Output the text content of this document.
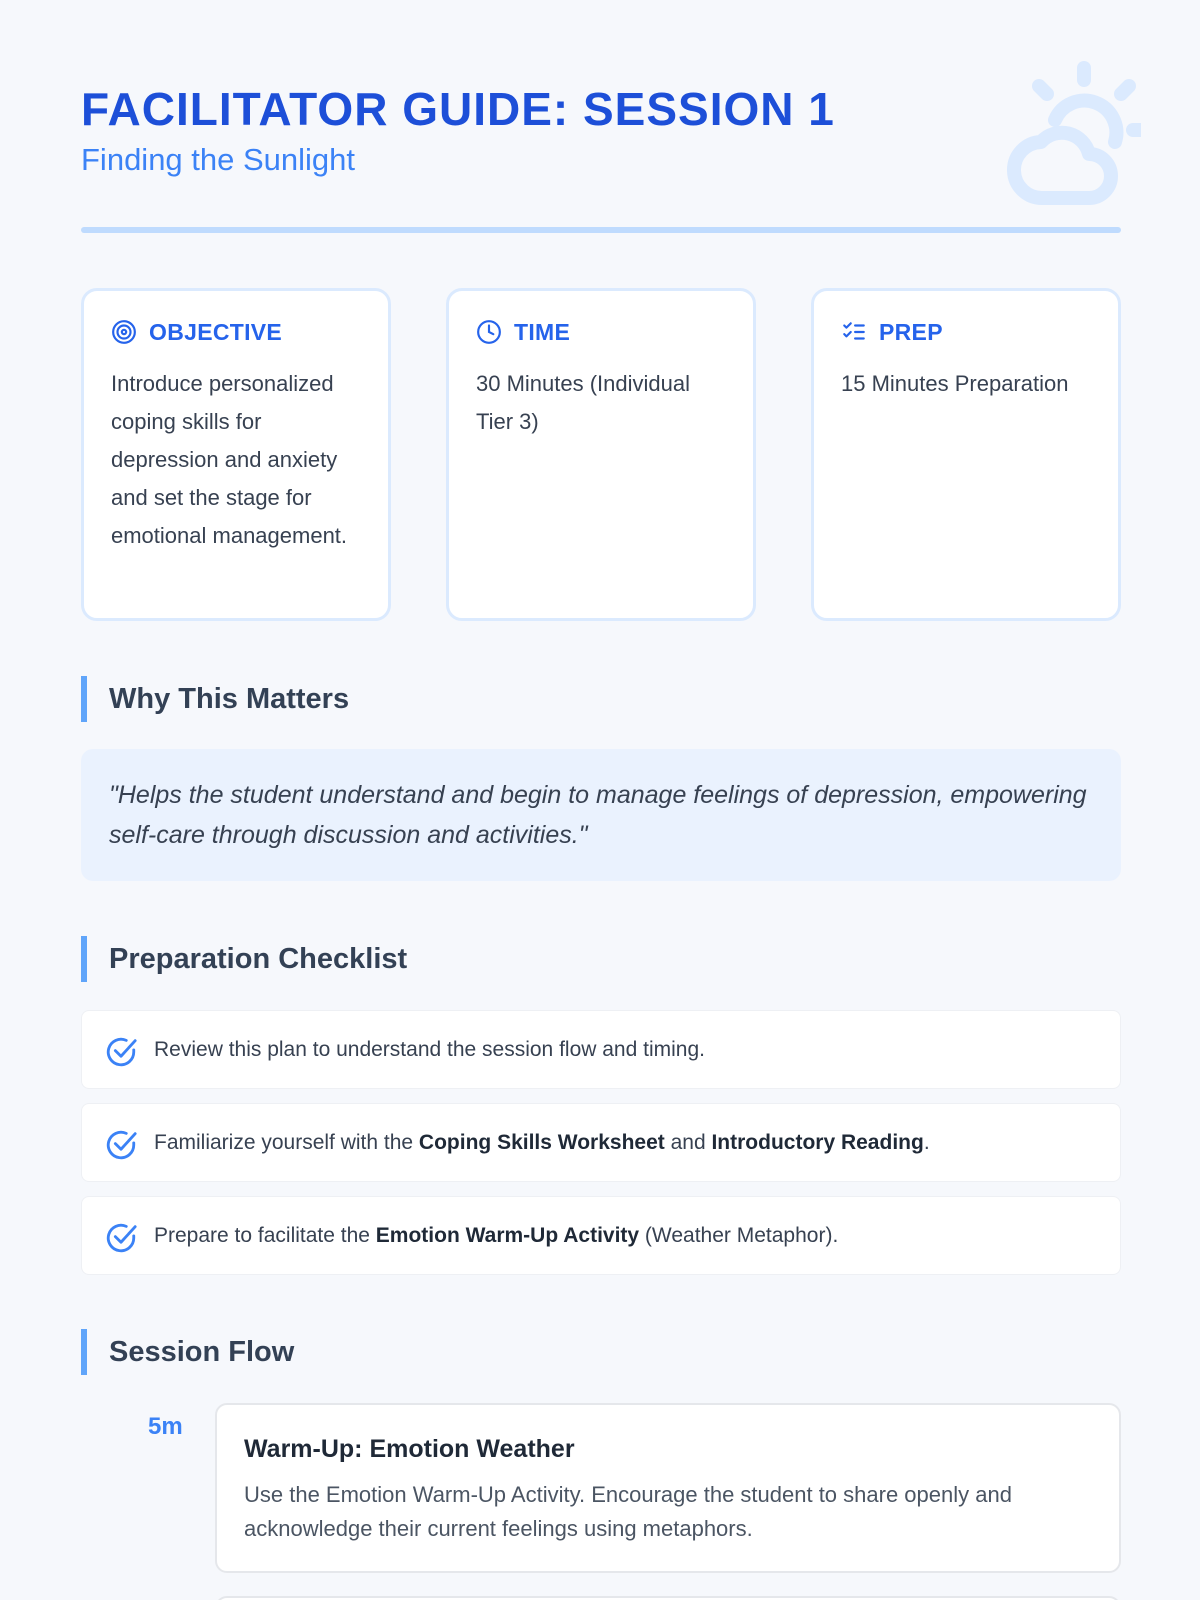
FACILITATOR GUIDE: SESSION 1
Finding the Sunlight
OBJECTIVE

Introduce personalized coping skills for depression and anxiety and set the stage for emotional management.

TIME

30 Minutes (Individual Tier 3)

PREP

15 Minutes Preparation

Why This Matters

"Helps the student understand and begin to manage feelings of depression, empowering self-care through discussion and activities."

Preparation Checklist
Review this plan to understand the session flow and timing.
Familiarize yourself with the Coping Skills Worksheet and Introductory Reading.
Prepare to facilitate the Emotion Warm-Up Activity (Weather Metaphor).
Session Flow
5m
Warm-Up: Emotion Weather

Use the Emotion Warm-Up Activity. Encourage the student to share openly and acknowledge their current feelings using metaphors.
